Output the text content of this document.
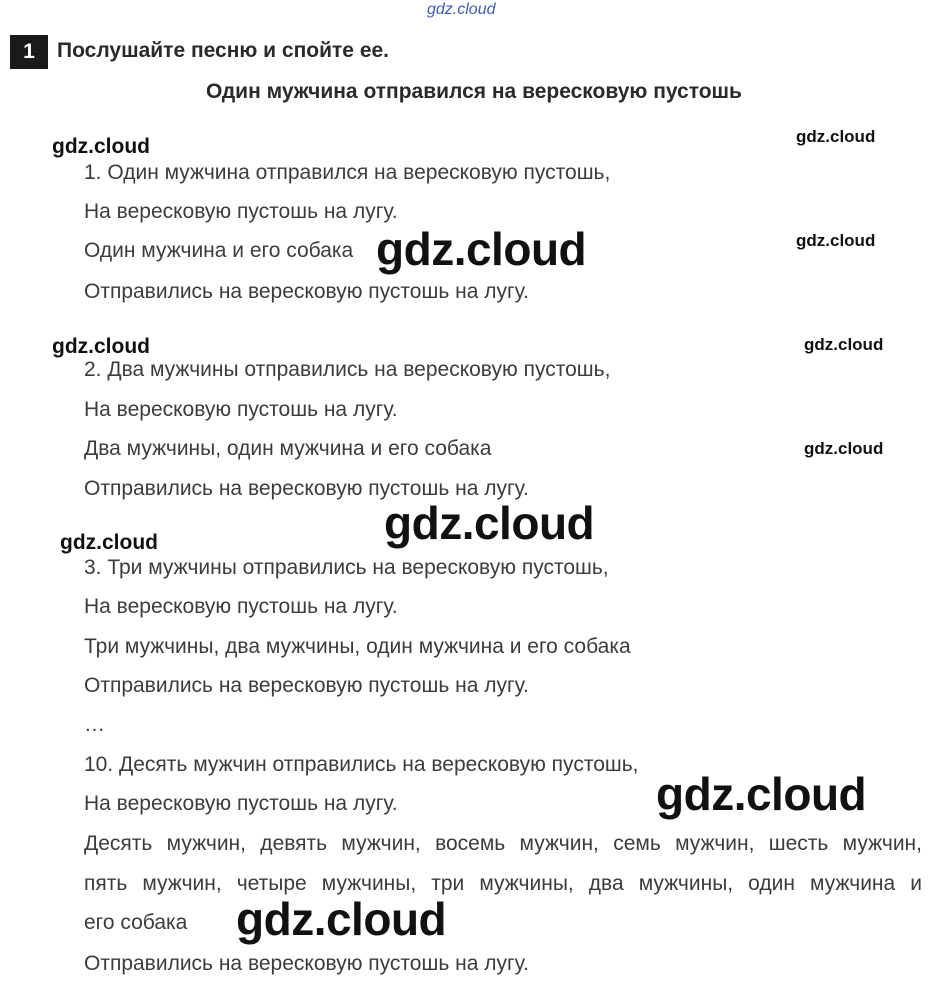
gdz.cloud
gdz.cloud	gdz.cloud
gdz.cloud
gdz.cloud
gdz.cloud	gdz.cloud
gdz.cloud
gdz.cloud
gdz.cloud
gdz.cloud
gdz.cloud
1	Послушайте песню и спойте ее.
Один мужчина отправился на вересковую пустошь
1. Один мужчина отправился на вересковую пустошь,
На вересковую пустошь на лугу.
Один мужчина и его собака
Отправились на вересковую пустошь на лугу.
2. Два мужчины отправились на вересковую пустошь,
На вересковую пустошь на лугу.
Два мужчины, один мужчина и его собака
Отправились на вересковую пустошь на лугу.
3. Три мужчины отправились на вересковую пустошь,
На вересковую пустошь на лугу.
Три мужчины, два мужчины, один мужчина и его собака
Отправились на вересковую пустошь на лугу.
…
10. Десять мужчин отправились на вересковую пустошь,
На вересковую пустошь на лугу.
Десять мужчин, девять мужчин, восемь мужчин, семь мужчин, шесть мужчин,
пять мужчин, четыре мужчины, три мужчины, два мужчины, один мужчина и
его собака
Отправились на вересковую пустошь на лугу.
